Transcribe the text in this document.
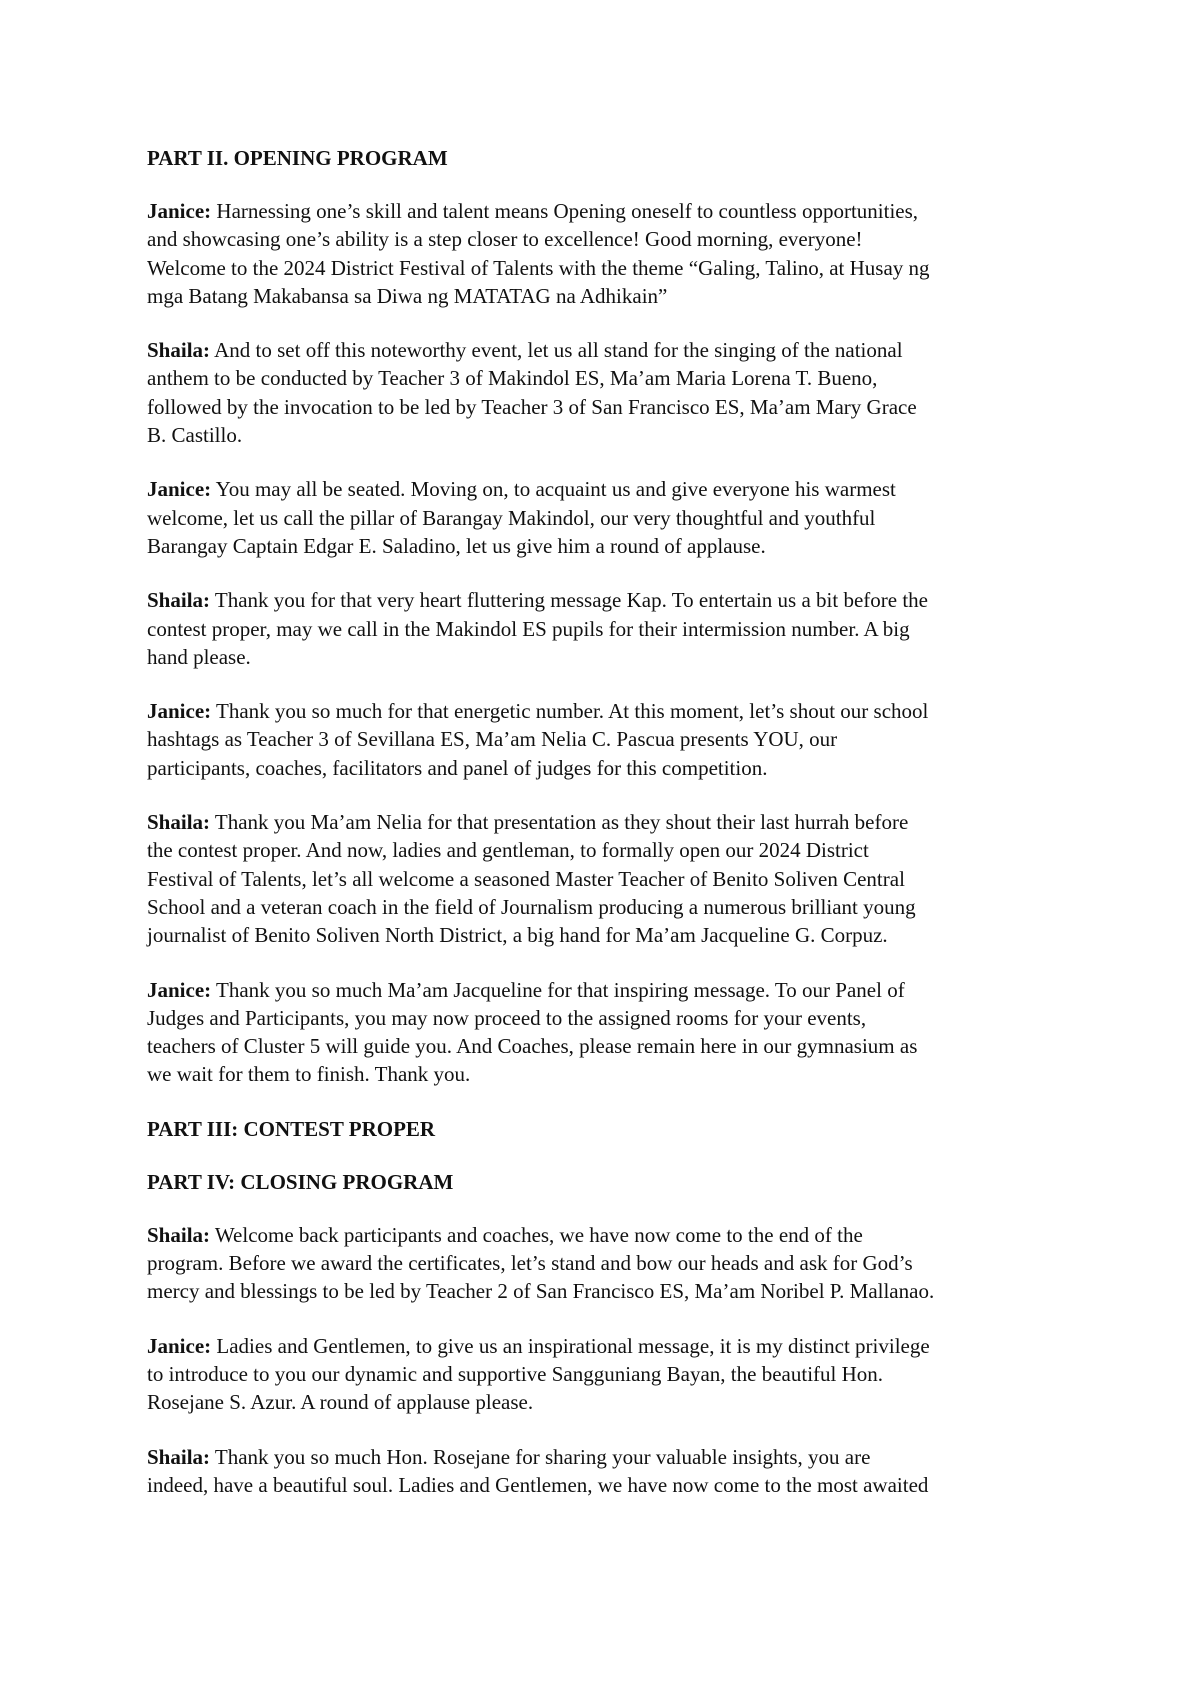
PART II. OPENING PROGRAM
Janice: Harnessing one’s skill and talent means Opening oneself to countless opportunities,
and showcasing one’s ability is a step closer to excellence! Good morning, everyone!
Welcome to the 2024 District Festival of Talents with the theme “Galing, Talino, at Husay ng
mga Batang Makabansa sa Diwa ng MATATAG na Adhikain”
Shaila: And to set off this noteworthy event, let us all stand for the singing of the national
anthem to be conducted by Teacher 3 of Makindol ES, Ma’am Maria Lorena T. Bueno,
followed by the invocation to be led by Teacher 3 of San Francisco ES, Ma’am Mary Grace
B. Castillo.
Janice: You may all be seated. Moving on, to acquaint us and give everyone his warmest
welcome, let us call the pillar of Barangay Makindol, our very thoughtful and youthful
Barangay Captain Edgar E. Saladino, let us give him a round of applause.
Shaila: Thank you for that very heart fluttering message Kap. To entertain us a bit before the
contest proper, may we call in the Makindol ES pupils for their intermission number. A big
hand please.
Janice: Thank you so much for that energetic number. At this moment, let’s shout our school
hashtags as Teacher 3 of Sevillana ES, Ma’am Nelia C. Pascua presents YOU, our
participants, coaches, facilitators and panel of judges for this competition.
Shaila: Thank you Ma’am Nelia for that presentation as they shout their last hurrah before
the contest proper. And now, ladies and gentleman, to formally open our 2024 District
Festival of Talents, let’s all welcome a seasoned Master Teacher of Benito Soliven Central
School and a veteran coach in the field of Journalism producing a numerous brilliant young
journalist of Benito Soliven North District, a big hand for Ma’am Jacqueline G. Corpuz.
Janice: Thank you so much Ma’am Jacqueline for that inspiring message. To our Panel of
Judges and Participants, you may now proceed to the assigned rooms for your events,
teachers of Cluster 5 will guide you. And Coaches, please remain here in our gymnasium as
we wait for them to finish. Thank you.
PART III: CONTEST PROPER
PART IV: CLOSING PROGRAM
Shaila: Welcome back participants and coaches, we have now come to the end of the
program. Before we award the certificates, let’s stand and bow our heads and ask for God’s
mercy and blessings to be led by Teacher 2 of San Francisco ES, Ma’am Noribel P. Mallanao.
Janice: Ladies and Gentlemen, to give us an inspirational message, it is my distinct privilege
to introduce to you our dynamic and supportive Sangguniang Bayan, the beautiful Hon.
Rosejane S. Azur. A round of applause please.
Shaila: Thank you so much Hon. Rosejane for sharing your valuable insights, you are
indeed, have a beautiful soul. Ladies and Gentlemen, we have now come to the most awaited
